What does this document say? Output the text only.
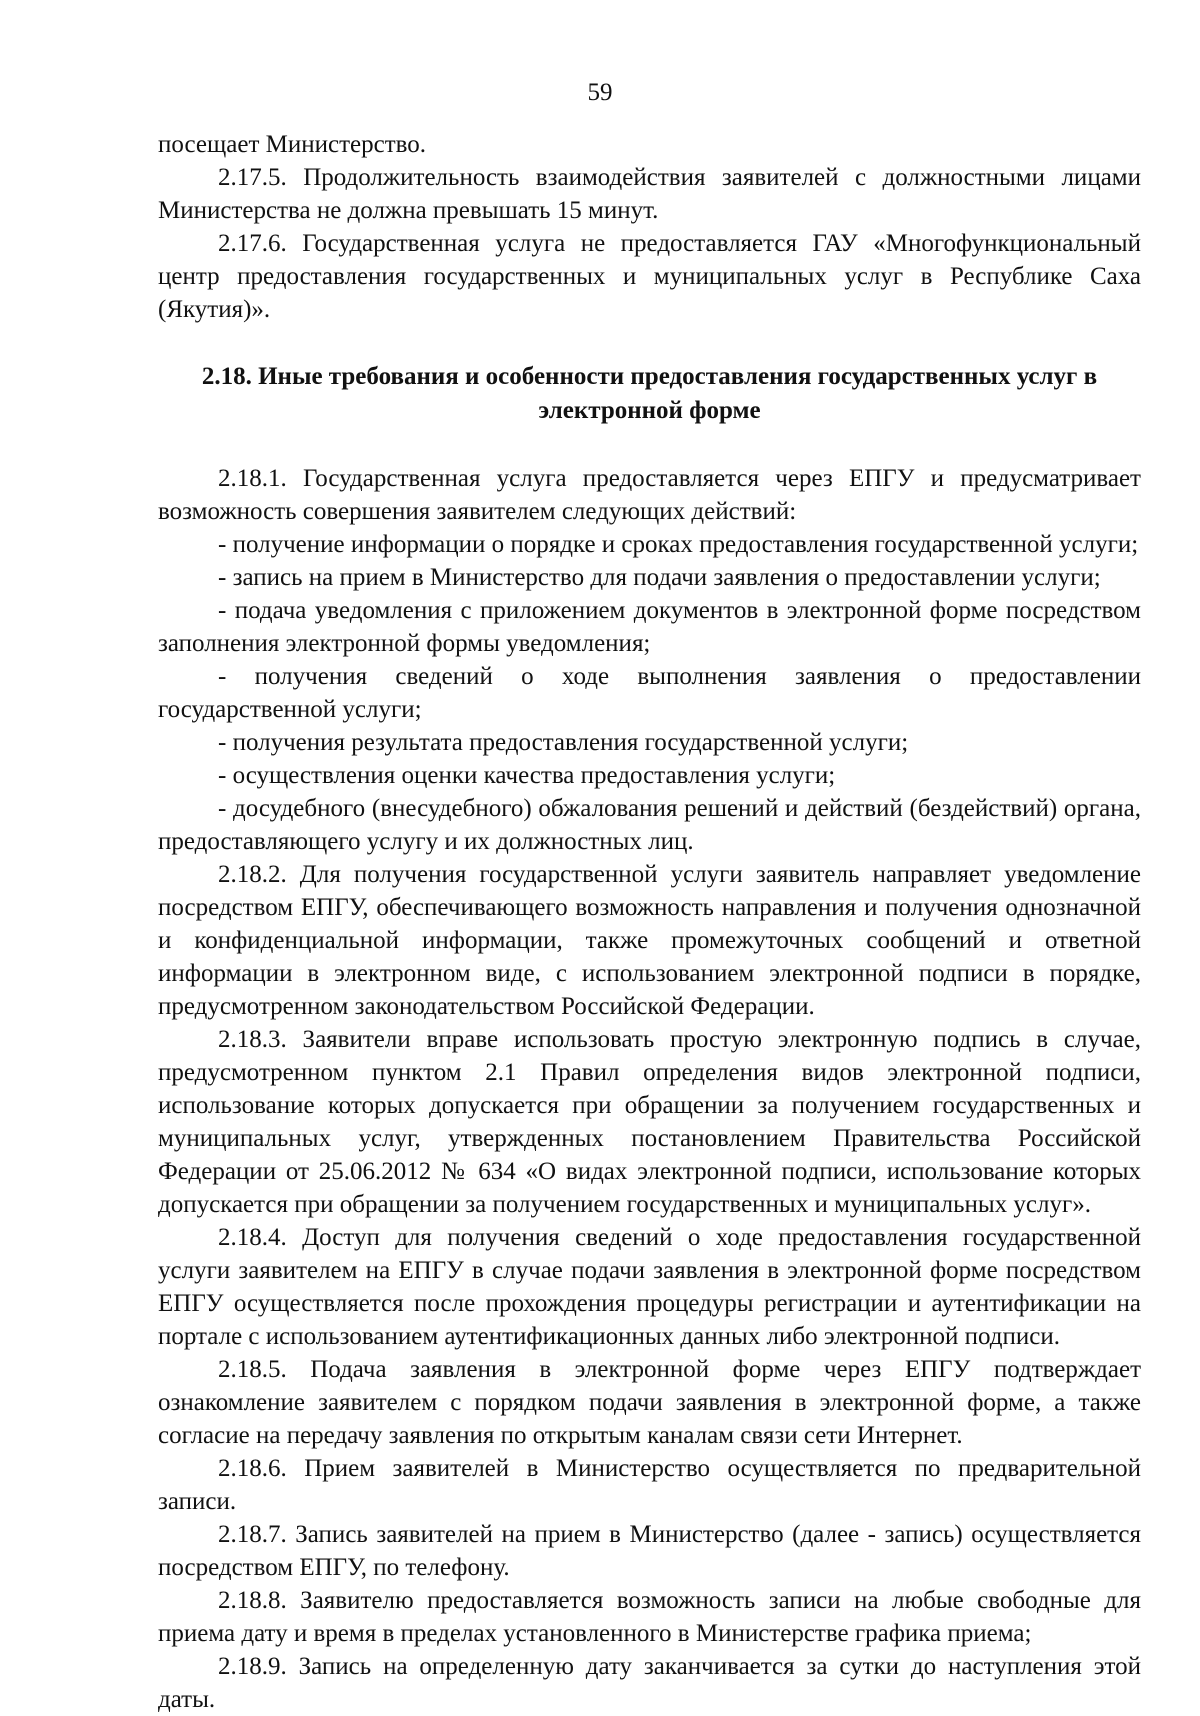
59

посещает Министерство.

2.17.5. Продолжительность взаимодействия заявителей с должностными лицами Министерства не должна превышать 15 минут.

2.17.6. Государственная услуга не предоставляется ГАУ «Многофункциональный центр предоставления государственных и муниципальных услуг в Республике Саха (Якутия)».

2.18. Иные требования и особенности предоставления государственных услуг в
электронной форме

2.18.1. Государственная услуга предоставляется через ЕПГУ и предусматривает возможность совершения заявителем следующих действий:

- получение информации о порядке и сроках предоставления государственной услуги;

- запись на прием в Министерство для подачи заявления о предоставлении услуги;

- подача уведомления с приложением документов в электронной форме посредством заполнения электронной формы уведомления;

- получения сведений о ходе выполнения заявления о предоставлении государственной услуги;

- получения результата предоставления государственной услуги;

- осуществления оценки качества предоставления услуги;

- досудебного (внесудебного) обжалования решений и действий (бездействий) органа, предоставляющего услугу и их должностных лиц.

2.18.2. Для получения государственной услуги заявитель направляет уведомление посредством ЕПГУ, обеспечивающего возможность направления и получения однозначной и конфиденциальной информации, также промежуточных сообщений и ответной информации в электронном виде, с использованием электронной подписи в порядке, предусмотренном законодательством Российской Федерации.

2.18.3. Заявители вправе использовать простую электронную подпись в случае, предусмотренном пунктом 2.1 Правил определения видов электронной подписи, использование которых допускается при обращении за получением государственных и муниципальных услуг, утвержденных постановлением Правительства Российской Федерации от 25.06.2012 № 634 «О видах электронной подписи, использование которых допускается при обращении за получением государственных и муниципальных услуг».

2.18.4. Доступ для получения сведений о ходе предоставления государственной услуги заявителем на ЕПГУ в случае подачи заявления в электронной форме посредством ЕПГУ осуществляется после прохождения процедуры регистрации и аутентификации на портале с использованием аутентификационных данных либо электронной подписи.

2.18.5. Подача заявления в электронной форме через ЕПГУ подтверждает ознакомление заявителем с порядком подачи заявления в электронной форме, а также согласие на передачу заявления по открытым каналам связи сети Интернет.

2.18.6. Прием заявителей в Министерство осуществляется по предварительной записи.

2.18.7. Запись заявителей на прием в Министерство (далее - запись) осуществляется посредством ЕПГУ, по телефону.

2.18.8. Заявителю предоставляется возможность записи на любые свободные для приема дату и время в пределах установленного в Министерстве графика приема;

2.18.9. Запись на определенную дату заканчивается за сутки до наступления этой даты.
